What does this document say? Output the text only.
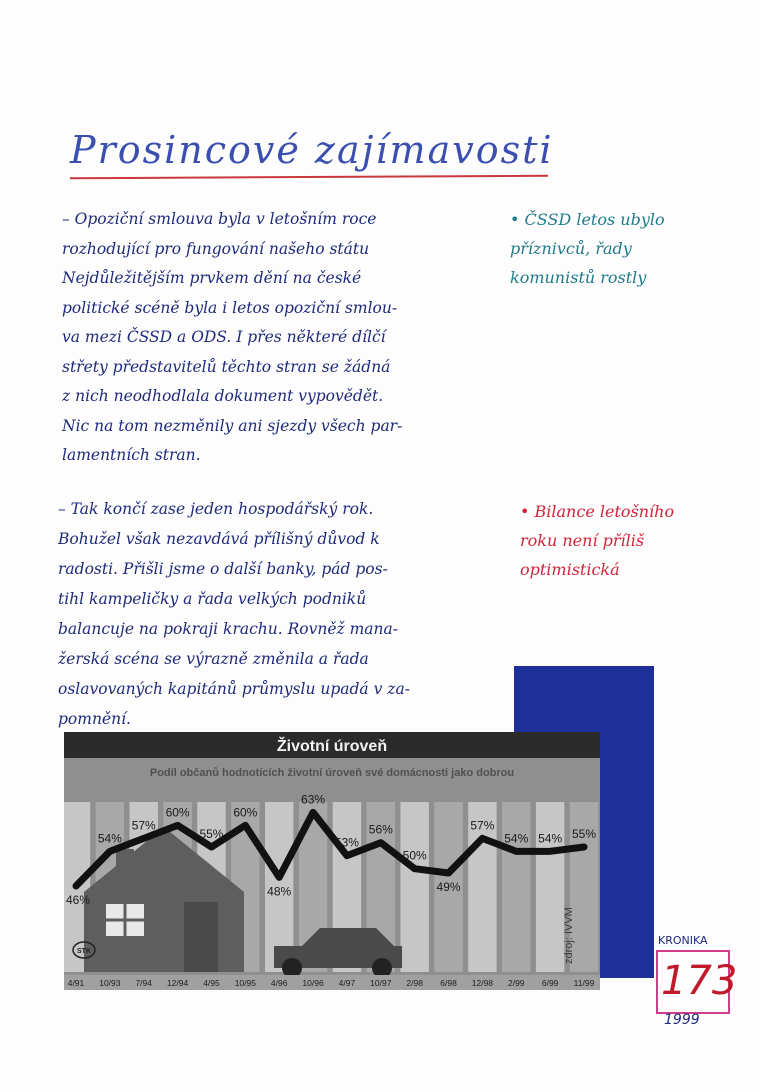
Prosincové zajímavosti
– Opoziční smlouva byla v letošním roce
rozhodující pro fungování našeho státu
Nejdůležitějším prvkem dění na české
politické scéně byla i letos opoziční smlou-
va mezi ČSSD a ODS. I přes některé dílčí
střety představitelů těchto stran se žádná
z nich neodhodlala dokument vypovědět.
Nic na tom nezměnily ani sjezdy všech par-
lamentních stran.
– Tak končí zase jeden hospodářský rok.
Bohužel však nezavdává přílišný důvod k
radosti. Přišli jsme o další banky, pád pos-
tihl kampeličky a řada velkých podniků
balancuje na pokraji krachu. Rovněž mana-
žerská scéna se výrazně změnila a řada
oslavovaných kapitánů průmyslu upadá v za-
pomnění.
• ČSSD letos ubylo
příznivců, řady
komunistů rostly
• Bilance letošního
roku není příliš
optimistická
Životní úroveň
Podíl občanů hodnotících životní úroveň své domácnosti jako dobrou
46%
54%
57%
60%
55%
60%
48%
63%
53%
56%
50%
49%
57%
54% 54% 55%
4/91 10/93 7/94 12/94 4/95 10/95 4/96 10/96 4/97 10/97 2/98 6/98 12/98 2/99 6/99 11/99
STK	zdroj: IVVM	KRONIKA
173
1999
